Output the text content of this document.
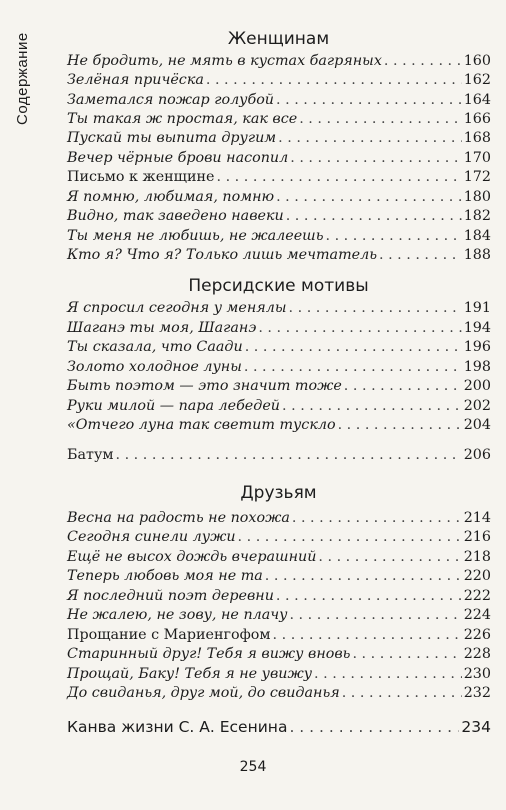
Содержание	Женщинам
Не бродить, не мять в кустах багряных . . .	160
Зелёная причёска . . .	162
Заметался пожар голубой . . .	164
Ты такая ж простая, как все . . .	166
Пускай ты выпита другим . . .	168
Вечер чёрные брови насопил . . .	170
Письмо к женщине . . .	172
Я помню, любимая, помню . . .	180
Видно, так заведено навеки . . .	182
Ты меня не любишь, не жалеешь . . .	184
Кто я? Что я? Только лишь мечтатель . . .	188
Персидские мотивы
Я спросил сегодня у менялы . . .	191
Шаганэ ты моя, Шаганэ . . .	194
Ты сказала, что Саади . . .	196
Золото холодное луны . . .	198
Быть поэтом — это значит тоже . . .	200
Руки милой — пара лебедей . . .	202
«Отчего луна так светит тускло . . .	204
Батум . . .	206
Друзьям
Весна на радость не похожа . . .	214
Сегодня синели лужи . . .	216
Ещё не высох дождь вчерашний . . .	218
Теперь любовь моя не та . . .	220
Я последний поэт деревни . . .	222
Не жалею, не зову, не плачу . . .	224
Прощание с Мариенгофом . . .	226
Старинный друг! Тебя я вижу вновь . . .	228
Прощай, Баку! Тебя я не увижу . . .	230
До свиданья, друг мой, до свиданья . . .	232
Канва жизни С. А. Есенина . . .	234
254
